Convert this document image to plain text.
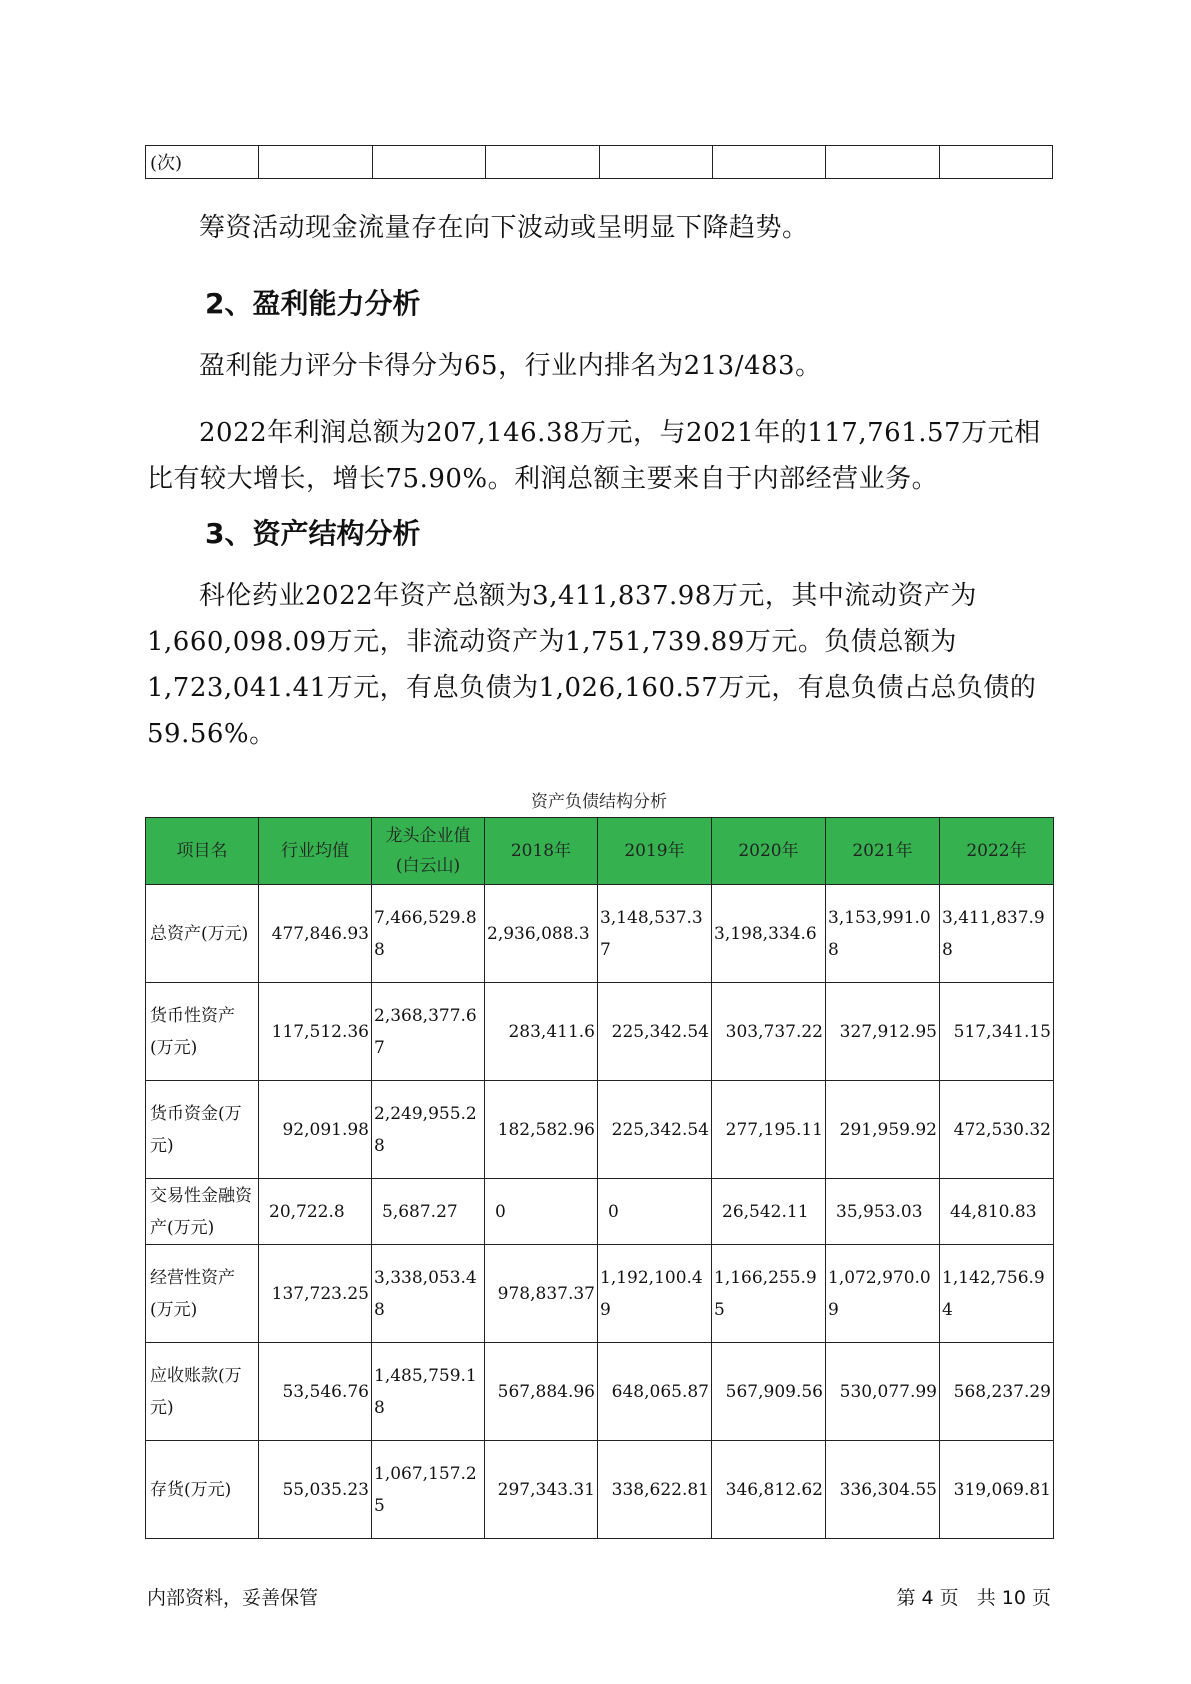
(次)							

筹资活动现金流量存在向下波动或呈明显下降趋势。

2、盈利能力分析

盈利能力评分卡得分为65，行业内排名为213/483。

2022年利润总额为207,146.38万元，与2021年的117,761.57万元相比有较大增长，增长75.90%。利润总额主要来自于内部经营业务。

3、资产结构分析

科伦药业2022年资产总额为3,411,837.98万元，其中流动资产为1,660,098.09万元，非流动资产为1,751,739.89万元。负债总额为1,723,041.41万元，有息负债为1,026,160.57万元，有息负债占总负债的59.56%。

资产负债结构分析
项目名	行业均值	龙头企业值(白云山)	2018年	2019年	2020年	2021年	2022年
总资产(万元)	477,846.93	7,466,529.88	2,936,088.3	3,148,537.37	3,198,334.6	3,153,991.08	3,411,837.98
货币性资产(万元)	117,512.36	2,368,377.67	283,411.6	225,342.54	303,737.22	327,912.95	517,341.15
货币资金(万元)	92,091.98	2,249,955.28	182,582.96	225,342.54	277,195.11	291,959.92	472,530.32
交易性金融资产(万元)	20,722.8	5,687.27	0	0	26,542.11	35,953.03	44,810.83
经营性资产(万元)	137,723.25	3,338,053.48	978,837.37	1,192,100.49	1,166,255.95	1,072,970.09	1,142,756.94
应收账款(万元)	53,546.76	1,485,759.18	567,884.96	648,065.87	567,909.56	530,077.99	568,237.29
存货(万元)	55,035.23	1,067,157.25	297,343.31	338,622.81	346,812.62	336,304.55	319,069.81
内部资料，妥善保管	第 4 页   共 10 页
